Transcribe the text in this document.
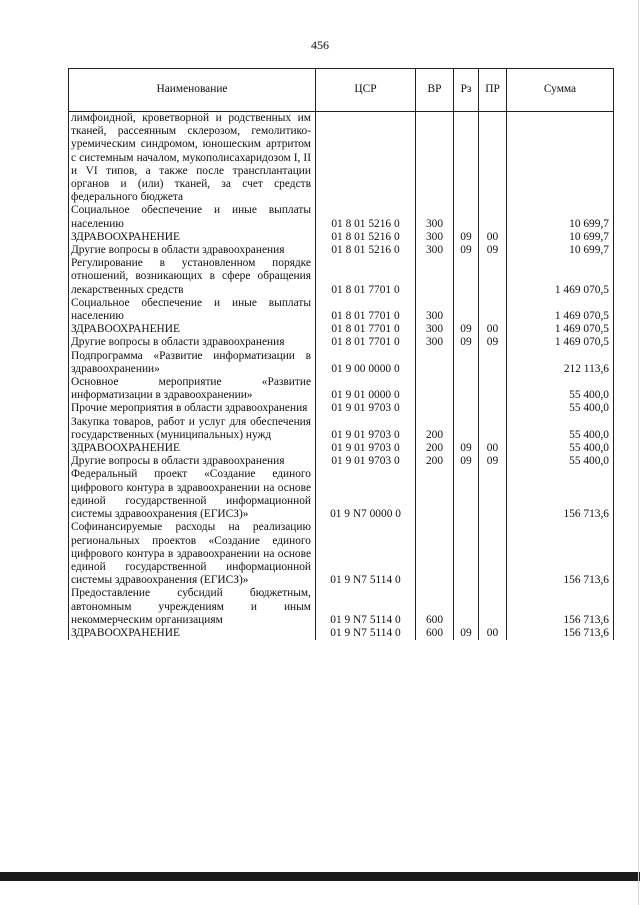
456
Наименование	ЦСР	ВР	Рз	ПР	Сумма
лимфоидной, кроветворной и родственных им тканей, рассеянным склерозом, гемолитико-уремическим синдромом, юношеским артритом с системным началом, мукополисахаридозом I, II и VI типов, а также после трансплантации органов и (или) тканей, за счет средств федерального бюджета					
Социальное обеспечение и иные выплаты населению	01 8 01 5216 0	300			10 699,7
ЗДРАВООХРАНЕНИЕ	01 8 01 5216 0	300	09	00	10 699,7
Другие вопросы в области здравоохранения	01 8 01 5216 0	300	09	09	10 699,7
Регулирование в установленном порядке отношений, возникающих в сфере обращения лекарственных средств	01 8 01 7701 0				1 469 070,5
Социальное обеспечение и иные выплаты населению	01 8 01 7701 0	300			1 469 070,5
ЗДРАВООХРАНЕНИЕ	01 8 01 7701 0	300	09	00	1 469 070,5
Другие вопросы в области здравоохранения	01 8 01 7701 0	300	09	09	1 469 070,5
Подпрограмма «Развитие информатизации в здравоохранении»	01 9 00 0000 0				212 113,6
Основное мероприятие «Развитие информатизации в здравоохранении»	01 9 01 0000 0				55 400,0
Прочие мероприятия в области здравоохранения	01 9 01 9703 0				55 400,0
Закупка товаров, работ и услуг для обеспечения государственных (муниципальных) нужд	01 9 01 9703 0	200			55 400,0
ЗДРАВООХРАНЕНИЕ	01 9 01 9703 0	200	09	00	55 400,0
Другие вопросы в области здравоохранения	01 9 01 9703 0	200	09	09	55 400,0
Федеральный проект «Создание единого цифрового контура в здравоохранении на основе единой государственной информационной системы здравоохранения (ЕГИСЗ)»	01 9 N7 0000 0				156 713,6
Софинансируемые расходы на реализацию региональных проектов «Создание единого цифрового контура в здравоохранении на основе единой государственной информационной системы здравоохранения (ЕГИСЗ)»	01 9 N7 5114 0				156 713,6
Предоставление субсидий бюджетным, автономным учреждениям и иным некоммерческим организациям	01 9 N7 5114 0	600			156 713,6
ЗДРАВООХРАНЕНИЕ	01 9 N7 5114 0	600	09	00	156 713,6
